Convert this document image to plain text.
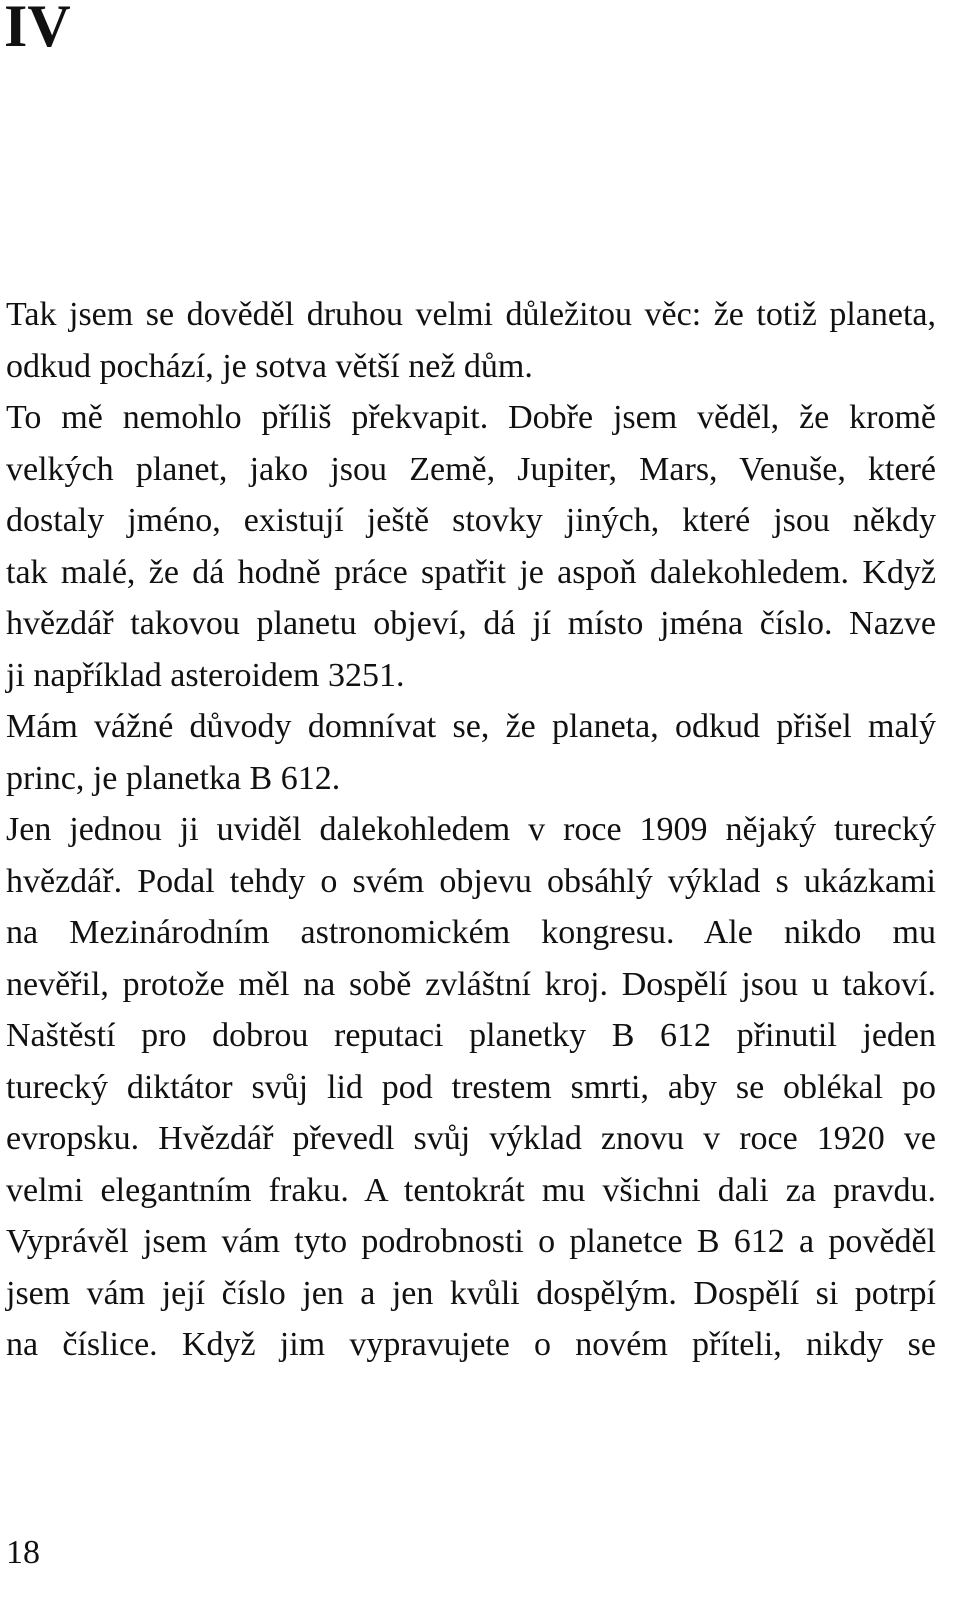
IV
Tak jsem se dověděl druhou velmi důležitou věc: že totiž planeta,
odkud pochází, je sotva větší než dům.
To mě nemohlo příliš překvapit. Dobře jsem věděl, že kromě
velkých planet, jako jsou Země, Jupiter, Mars, Venuše, které
dostaly jméno, existují ještě stovky jiných, které jsou někdy
tak malé, že dá hodně práce spatřit je aspoň dalekohledem. Když
hvězdář takovou planetu objeví, dá jí místo jména číslo. Nazve
ji například asteroidem 3251.
Mám vážné důvody domnívat se, že planeta, odkud přišel malý
princ, je planetka B 612.
Jen jednou ji uviděl dalekohledem v roce 1909 nějaký turecký
hvězdář. Podal tehdy o svém objevu obsáhlý výklad s ukázkami
na Mezinárodním astronomickém kongresu. Ale nikdo mu
nevěřil, protože měl na sobě zvláštní kroj. Dospělí jsou u takoví.
Naštěstí pro dobrou reputaci planetky B 612 přinutil jeden
turecký diktátor svůj lid pod trestem smrti, aby se oblékal po
evropsku. Hvězdář převedl svůj výklad znovu v roce 1920 ve
velmi elegantním fraku. A tentokrát mu všichni dali za pravdu.
Vyprávěl jsem vám tyto podrobnosti o planetce B 612 a pověděl
jsem vám její číslo jen a jen kvůli dospělým. Dospělí si potrpí
na číslice. Když jim vypravujete o novém příteli, nikdy se
18
